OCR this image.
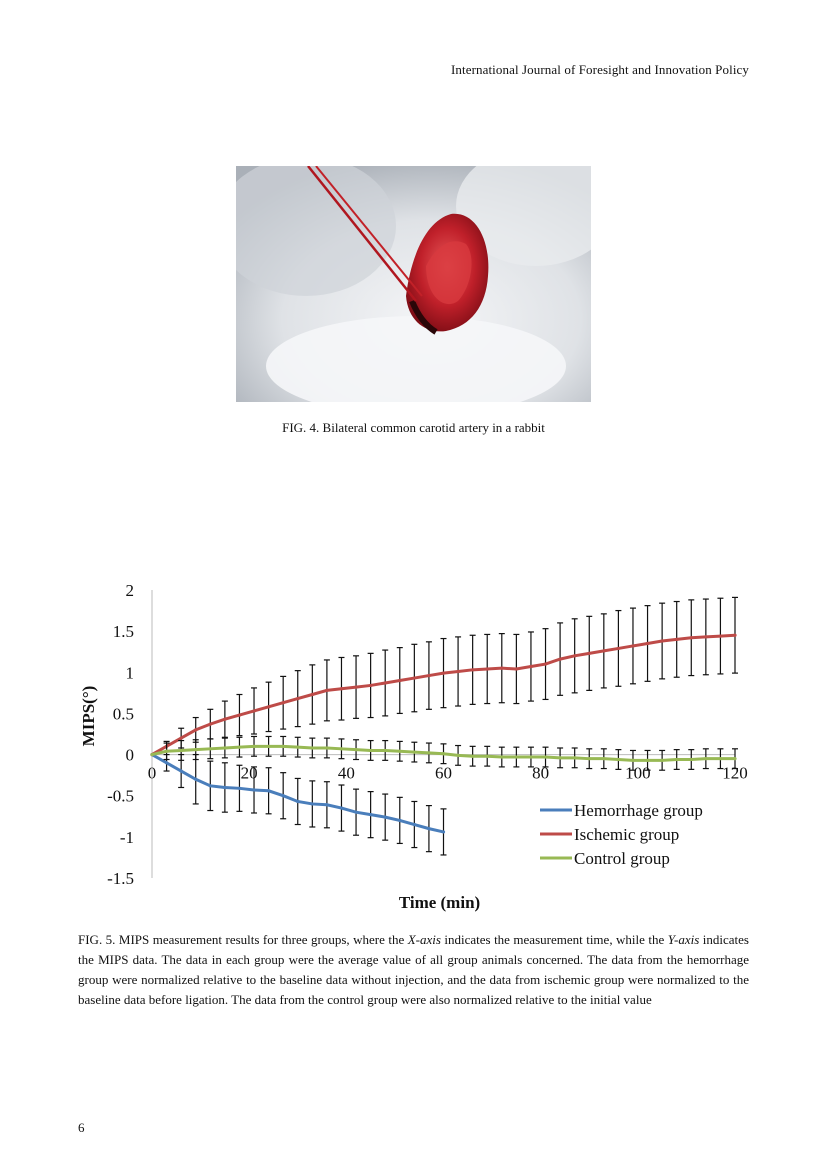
International Journal of Foresight and Innovation Policy
FIG. 4. Bilateral common carotid artery in a rabbit
2
1.5
1
0.5
0
-0.5
-1
-1.5
0	20	40	60	80	100	120
Time (min)
MIPS(°)
Hemorrhage group
Ischemic group
Control group
FIG. 5. MIPS measurement results for three groups, where the X-axis indicates the measurement time, while the Y-axis indicates the MIPS data. The data in each group were the average value of all group animals concerned. The data from the hemorrhage group were normalized relative to the baseline data without injection, and the data from ischemic group were normalized to the baseline data before ligation. The data from the control group were also normalized relative to the initial value
6
